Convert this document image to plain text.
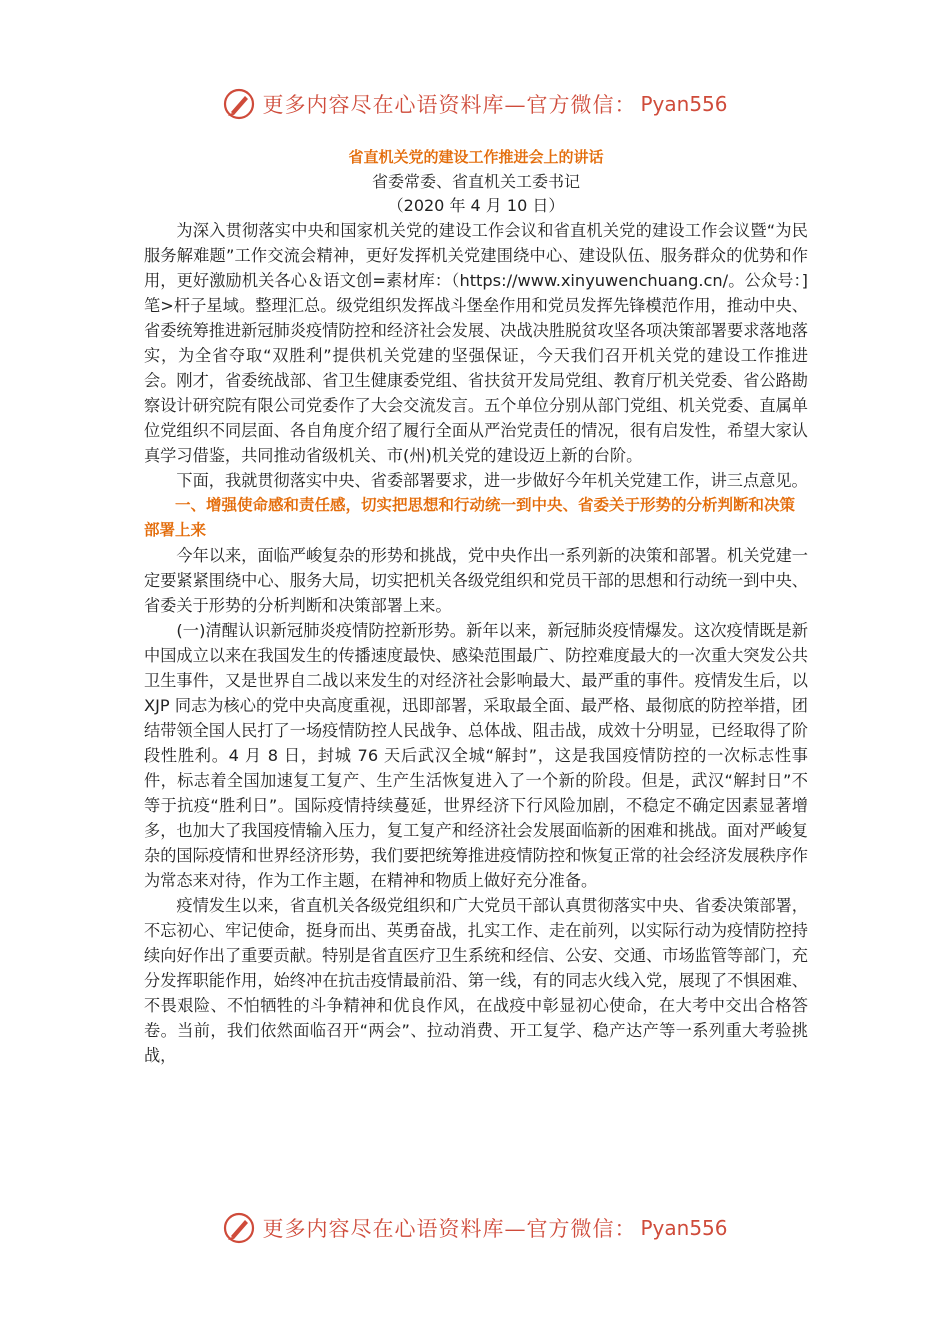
更多内容尽在心语资料库—官方微信： Pyan556

省直机关党的建设工作推进会上的讲话

省委常委、省直机关工委书记

（2020 年 4 月 10 日）

为深入贯彻落实中央和国家机关党的建设工作会议和省直机关党的建设工作会议暨“为民服务解难题”工作交流会精神，更好发挥机关党建围绕中心、建设队伍、服务群众的优势和作用，更好激励机关各心＆语文创=素材库：（https://www.xinyuwenchuang.cn/。公众号：]笔>杆子星域。整理汇总。级党组织发挥战斗堡垒作用和党员发挥先锋模范作用，推动中央、省委统筹推进新冠肺炎疫情防控和经济社会发展、决战决胜脱贫攻坚各项决策部署要求落地落实，为全省夺取“双胜利”提供机关党建的坚强保证，今天我们召开机关党的建设工作推进会。刚才，省委统战部、省卫生健康委党组、省扶贫开发局党组、教育厅机关党委、省公路勘察设计研究院有限公司党委作了大会交流发言。五个单位分别从部门党组、机关党委、直属单位党组织不同层面、各自角度介绍了履行全面从严治党责任的情况，很有启发性，希望大家认真学习借鉴，共同推动省级机关、市(州)机关党的建设迈上新的台阶。

下面，我就贯彻落实中央、省委部署要求，进一步做好今年机关党建工作，讲三点意见。

一、增强使命感和责任感，切实把思想和行动统一到中央、省委关于形势的分析判断和决策部署上来

今年以来，面临严峻复杂的形势和挑战，党中央作出一系列新的决策和部署。机关党建一定要紧紧围绕中心、服务大局，切实把机关各级党组织和党员干部的思想和行动统一到中央、省委关于形势的分析判断和决策部署上来。

(一)清醒认识新冠肺炎疫情防控新形势。新年以来，新冠肺炎疫情爆发。这次疫情既是新中国成立以来在我国发生的传播速度最快、感染范围最广、防控难度最大的一次重大突发公共卫生事件，又是世界自二战以来发生的对经济社会影响最大、最严重的事件。疫情发生后，以 XJP 同志为核心的党中央高度重视，迅即部署，采取最全面、最严格、最彻底的防控举措，团结带领全国人民打了一场疫情防控人民战争、总体战、阻击战，成效十分明显，已经取得了阶段性胜利。4 月 8 日，封城 76 天后武汉全城“解封”，这是我国疫情防控的一次标志性事件，标志着全国加速复工复产、生产生活恢复进入了一个新的阶段。但是，武汉“解封日”不等于抗疫“胜利日”。国际疫情持续蔓延，世界经济下行风险加剧，不稳定不确定因素显著增多，也加大了我国疫情输入压力，复工复产和经济社会发展面临新的困难和挑战。面对严峻复杂的国际疫情和世界经济形势，我们要把统筹推进疫情防控和恢复正常的社会经济发展秩序作为常态来对待，作为工作主题，在精神和物质上做好充分准备。

疫情发生以来，省直机关各级党组织和广大党员干部认真贯彻落实中央、省委决策部署，不忘初心、牢记使命，挺身而出、英勇奋战，扎实工作、走在前列，以实际行动为疫情防控持续向好作出了重要贡献。特别是省直医疗卫生系统和经信、公安、交通、市场监管等部门，充分发挥职能作用，始终冲在抗击疫情最前沿、第一线，有的同志火线入党，展现了不惧困难、不畏艰险、不怕牺牲的斗争精神和优良作风，在战疫中彰显初心使命，在大考中交出合格答卷。当前，我们依然面临召开“两会”、拉动消费、开工复学、稳产达产等一系列重大考验挑战，

更多内容尽在心语资料库—官方微信： Pyan556
